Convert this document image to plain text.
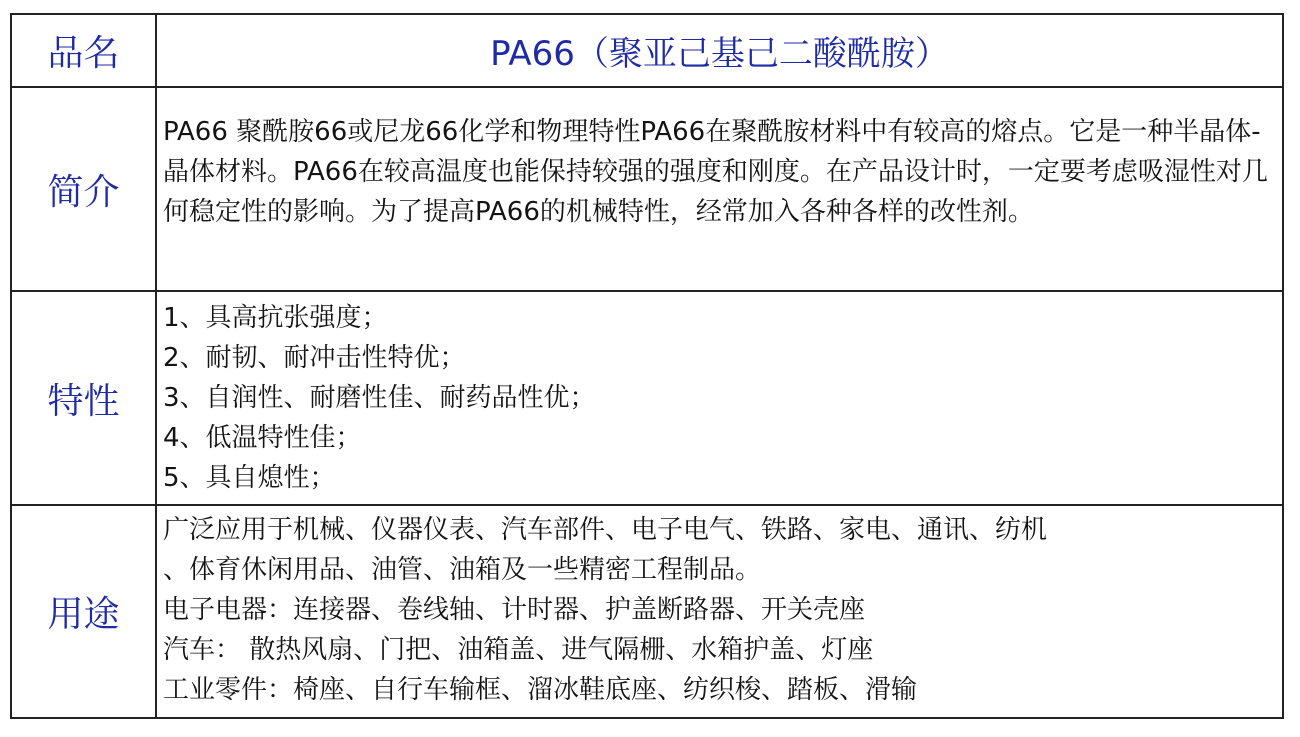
品名	PA66（聚亚己基己二酸酰胺）
简介
PA66 聚酰胺66或尼龙66化学和物理特性PA66在聚酰胺材料中有较高的熔点。它是一种半晶体-晶体材料。PA66在较高温度也能保持较强的强度和刚度。在产品设计时，一定要考虑吸湿性对几何稳定性的影响。为了提高PA66的机械特性，经常加入各种各样的改性剂。
特性
1、具高抗张强度；
2、耐韧、耐冲击性特优；
3、自润性、耐磨性佳、耐药品性优；
4、低温特性佳；
5、具自熄性；
用途
广泛应用于机械、仪器仪表、汽车部件、电子电气、铁路、家电、通讯、纺机
、体育休闲用品、油管、油箱及一些精密工程制品。
电子电器：连接器、卷线轴、计时器、护盖断路器、开关壳座
汽车： 散热风扇、门把、油箱盖、进气隔栅、水箱护盖、灯座
工业零件：椅座、自行车输框、溜冰鞋底座、纺织梭、踏板、滑输
